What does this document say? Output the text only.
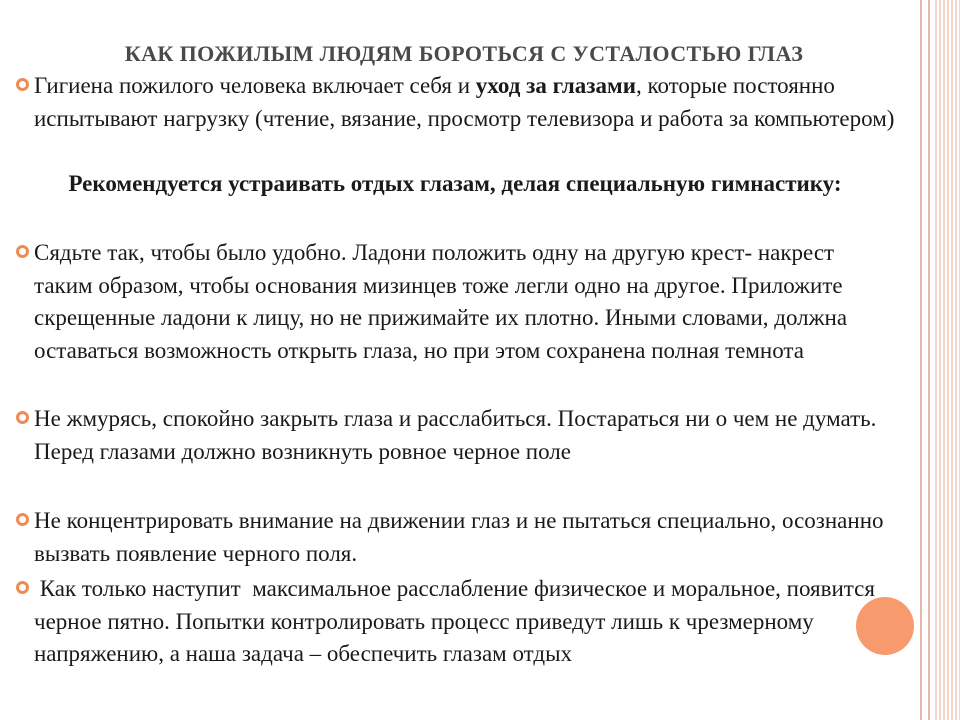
КАК ПОЖИЛЫМ ЛЮДЯМ БОРОТЬСЯ С УСТАЛОСТЬЮ ГЛАЗ

Гигиена пожилого человека включает себя и уход за глазами, которые постоянно испытывают нагрузку (чтение, вязание, просмотр телевизора и работа за компьютером)

Рекомендуется устраивать отдых глазам, делая специальную гимнастику:

Сядьте так, чтобы было удобно. Ладони положить одну на другую крест- накрест таким образом, чтобы основания мизинцев тоже легли одно на другое. Приложите скрещенные ладони к лицу, но не прижимайте их плотно. Иными словами, должна оставаться возможность открыть глаза, но при этом сохранена полная темнота

Не жмурясь, спокойно закрыть глаза и расслабиться. Постараться ни о чем не думать. Перед глазами должно возникнуть ровное черное поле

Не концентрировать внимание на движении глаз и не пытаться специально, осознанно вызвать появление черного поля.

Как только наступит  максимальное расслабление физическое и моральное, появится черное пятно. Попытки контролировать процесс приведут лишь к чрезмерному напряжению, а наша задача – обеспечить глазам отдых
